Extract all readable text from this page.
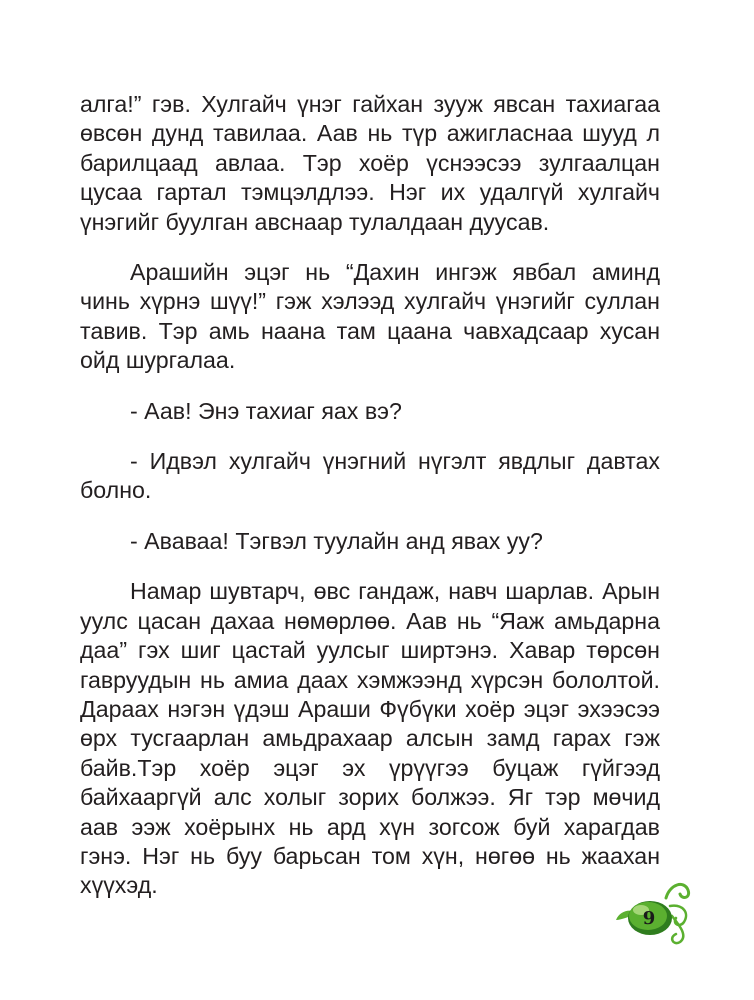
алга!” гэв. Хулгайч үнэг гайхан зууж явсан тахиагаа өвсөн дунд тавилаа. Аав нь түр ажигласнаа шууд л барилцаад авлаа. Тэр хоёр үснээсээ зулгаалцан цусаа гартал тэмцэлдлээ. Нэг их удалгүй хулгайч үнэгийг буулган авснаар тулалдаан дуусав.

Арашийн эцэг нь “Дахин ингэж явбал аминд чинь хүрнэ шүү!” гэж хэлээд хулгайч үнэгийг суллан тавив. Тэр амь наана там цаана чавхадсаар хусан ойд шургалаа.

- Аав! Энэ тахиаг яах вэ?

- Идвэл хулгайч үнэгний нүгэлт явдлыг давтах болно.

- Ававаа! Тэгвэл туулайн анд явах уу?

Намар шувтарч, өвс гандаж, навч шарлав. Арын уулс цасан дахаа нөмөрлөө. Аав нь “Яаж амьдарна даа” гэх шиг цастай уулсыг ширтэнэ. Хавар төрсөн гавруудын нь амиа даах хэмжээнд хүрсэн бололтой. Дараах нэгэн үдэш Араши Фүбүки хоёр эцэг эхээсээ өрх тусгаарлан амьдрахаар алсын замд гарах гэж байв.Тэр хоёр эцэг эх үрүүгээ буцаж гүйгээд байхааргүй алс холыг зорих болжээ. Яг тэр мөчид аав ээж хоёрынх нь ард хүн зогсож буй харагдав гэнэ. Нэг нь буу барьсан том хүн, нөгөө нь жаахан хүүхэд.

9
